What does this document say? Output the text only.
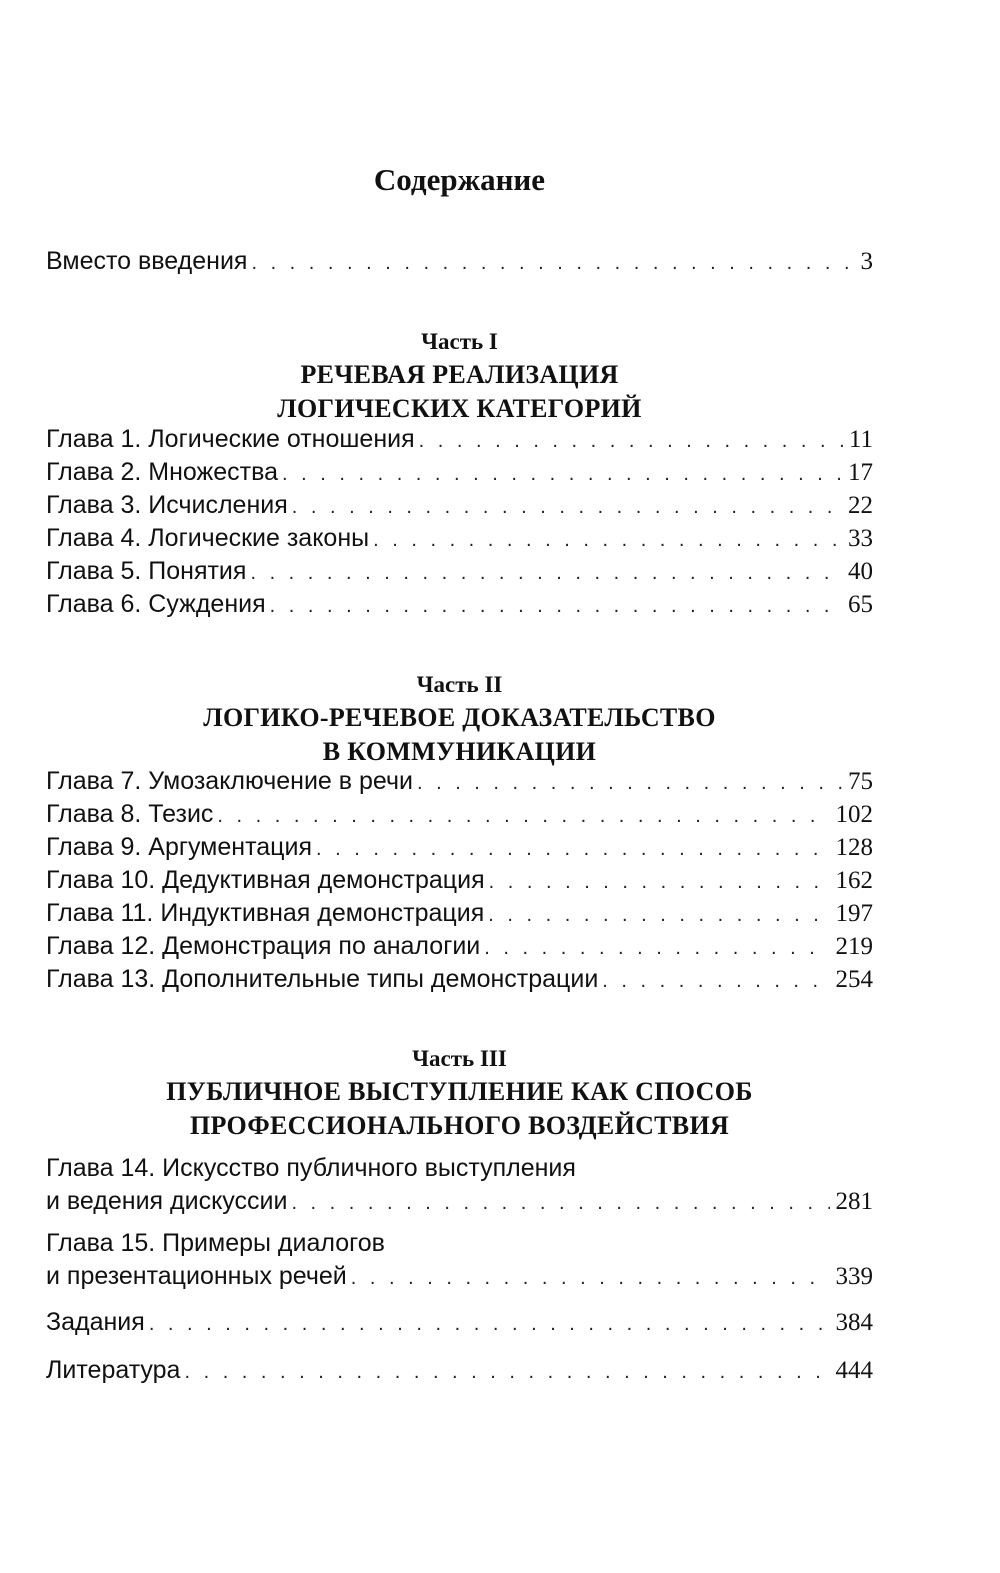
Содержание
Вместо введения . . .	3
Часть I
РЕЧЕВАЯ РЕАЛИЗАЦИЯ
ЛОГИЧЕСКИХ КАТЕГОРИЙ
Глава 1. Логические отношения . . .	11
Глава 2. Множества . . .	17
Глава 3. Исчисления . . .	22
Глава 4. Логические законы . . .	33
Глава 5. Понятия . . .	40
Глава 6. Суждения . . .	65
Часть II
ЛОГИКО-РЕЧЕВОЕ ДОКАЗАТЕЛЬСТВО
В КОММУНИКАЦИИ
Глава 7. Умозаключение в речи . . .	75
Глава 8. Тезис . . .	102
Глава 9. Аргументация . . .	128
Глава 10. Дедуктивная демонстрация . . .	162
Глава 11. Индуктивная демонстрация . . .	197
Глава 12. Демонстрация по аналогии . . .	219
Глава 13. Дополнительные типы демонстрации . . .	254
Часть III
ПУБЛИЧНОЕ ВЫСТУПЛЕНИЕ КАК СПОСОБ
ПРОФЕССИОНАЛЬНОГО ВОЗДЕЙСТВИЯ
Глава 14. Искусство публичного выступления
и ведения дискуссии . . .	281
Глава 15. Примеры диалогов
и презентационных речей . . .	339
Задания . . .	384
Литература . . .	444
